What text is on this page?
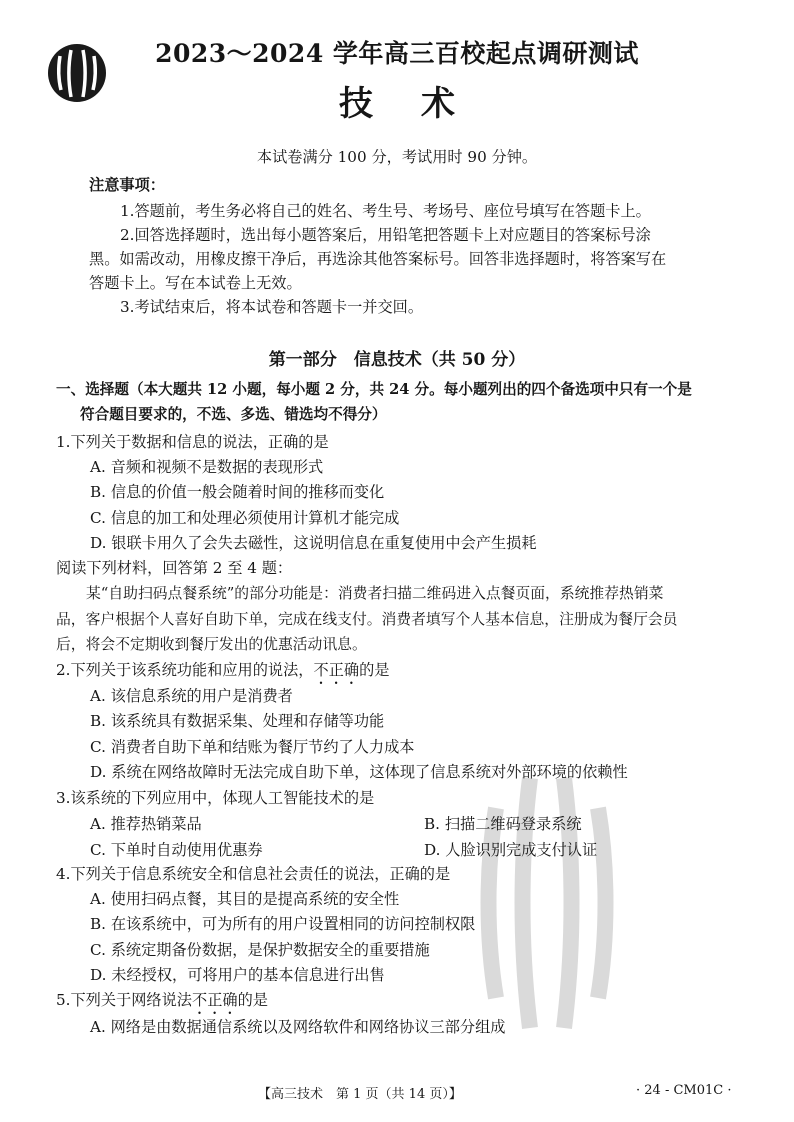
2023～2024 学年高三百校起点调研测试
技术

本试卷满分 100 分，考试用时 90 分钟。

注意事项：

1.答题前，考生务必将自己的姓名、考生号、考场号、座位号填写在答题卡上。

2.回答选择题时，选出每小题答案后，用铅笔把答题卡上对应题目的答案标号涂

黑。如需改动，用橡皮擦干净后，再选涂其他答案标号。回答非选择题时，将答案写在

答题卡上。写在本试卷上无效。

3.考试结束后，将本试卷和答题卡一并交回。

第一部分　信息技术（共 50 分）

一、选择题（本大题共 12 小题，每小题 2 分，共 24 分。每小题列出的四个备选项中只有一个是

符合题目要求的，不选、多选、错选均不得分）

1.下列关于数据和信息的说法，正确的是

A. 音频和视频不是数据的表现形式

B. 信息的价值一般会随着时间的推移而变化

C. 信息的加工和处理必须使用计算机才能完成

D. 银联卡用久了会失去磁性，这说明信息在重复使用中会产生损耗

阅读下列材料，回答第 2 至 4 题：

某“自助扫码点餐系统”的部分功能是：消费者扫描二维码进入点餐页面，系统推荐热销菜

品，客户根据个人喜好自助下单，完成在线支付。消费者填写个人基本信息，注册成为餐厅会员

后，将会不定期收到餐厅发出的优惠活动讯息。

2.下列关于该系统功能和应用的说法，不正确的是

A. 该信息系统的用户是消费者

B. 该系统具有数据采集、处理和存储等功能

C. 消费者自助下单和结账为餐厅节约了人力成本

D. 系统在网络故障时无法完成自助下单，这体现了信息系统对外部环境的依赖性

3.该系统的下列应用中，体现人工智能技术的是

A. 推荐热销菜品	B. 扫描二维码登录系统

C. 下单时自动使用优惠券	D. 人脸识别完成支付认证

4.下列关于信息系统安全和信息社会责任的说法，正确的是

A. 使用扫码点餐，其目的是提高系统的安全性

B. 在该系统中，可为所有的用户设置相同的访问控制权限

C. 系统定期备份数据，是保护数据安全的重要措施

D. 未经授权，可将用户的基本信息进行出售

5.下列关于网络说法不正确的是

A. 网络是由数据通信系统以及网络软件和网络协议三部分组成

【高三技术　第 1 页（共 14 页）】	· 24 - CM01C ·
